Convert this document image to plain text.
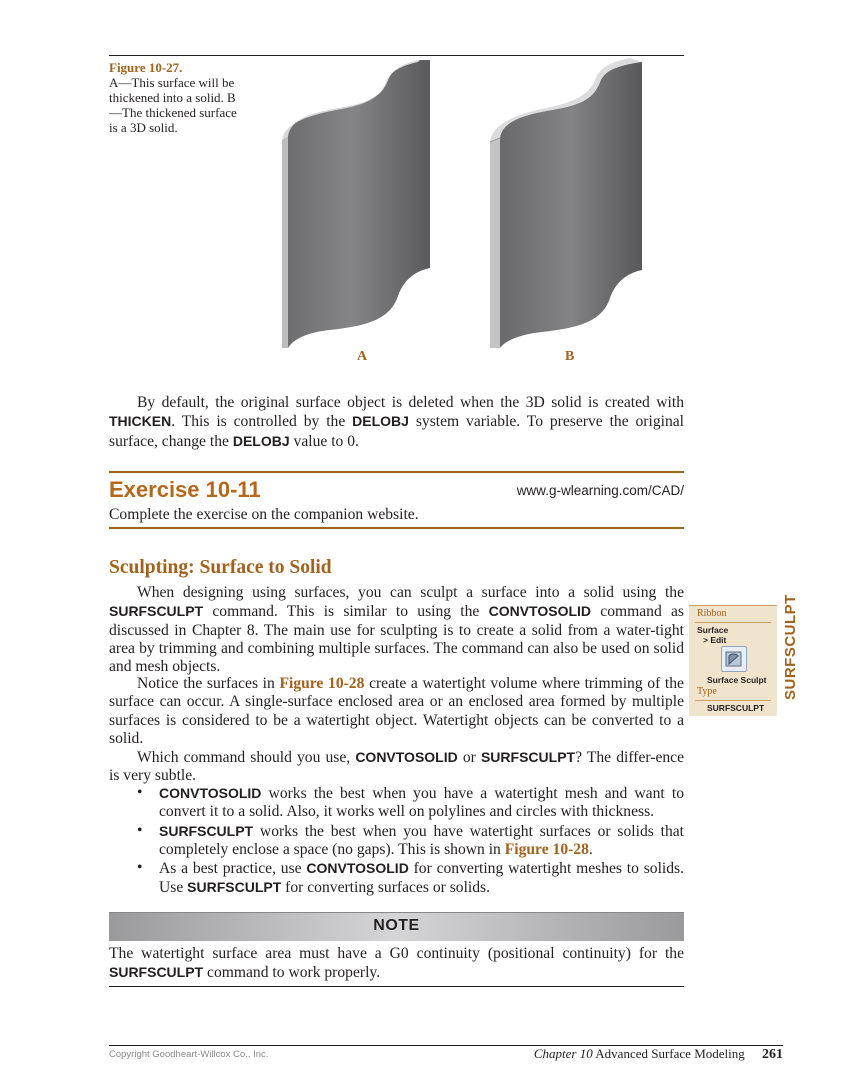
Figure 10-27.
A—This surface will be thickened into a solid. B—The thickened surface is a 3D solid.
A	B

By default, the original surface object is deleted when the 3D solid is created with THICKEN. This is controlled by the DELOBJ system variable. To preserve the original surface, change the DELOBJ value to 0.

Exercise 10-11	www.g-wlearning.com/CAD/
Complete the exercise on the companion website.
Sculpting: Surface to Solid

When designing using surfaces, you can sculpt a surface into a solid using the SURFSCULPT command. This is similar to using the CONVTOSOLID command as discussed in Chapter 8. The main use for sculpting is to create a solid from a water-tight area by trimming and combining multiple surfaces. The command can also be used on solid and mesh objects.

Notice the surfaces in Figure 10-28 create a watertight volume where trimming of the surface can occur. A single-surface enclosed area or an enclosed area formed by multiple surfaces is considered to be a watertight object. Watertight objects can be converted to a solid.

Which command should you use, CONVTOSOLID or SURFSCULPT? The differ-ence is very subtle.

• CONVTOSOLID works the best when you have a watertight mesh and want to convert it to a solid. Also, it works well on polylines and circles with thickness.
• SURFSCULPT works the best when you have watertight surfaces or solids that completely enclose a space (no gaps). This is shown in Figure 10-28.
• As a best practice, use CONVTOSOLID for converting watertight meshes to solids. Use SURFSCULPT for converting surfaces or solids.
Ribbon
Surface
> Edit
Surface Sculpt
Type
SURFSCULPT
SURFSCULPT
NOTE

The watertight surface area must have a G0 continuity (positional continuity) for the SURFSCULPT command to work properly.

Copyright Goodheart-Willcox Co., Inc.	Chapter 10 Advanced Surface Modeling 261
